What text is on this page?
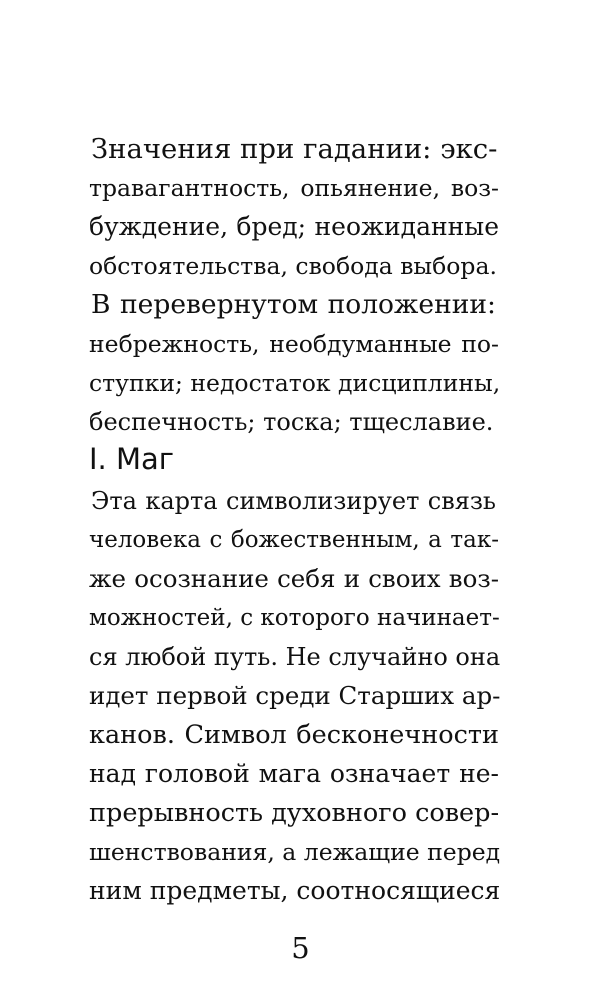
Значения при гадании: экс-
травагантность, опьянение, воз-
буждение, бред; неожиданные
обстоятельства, свобода выбора.
В перевернутом положении:
небрежность, необдуманные по-
ступки; недостаток дисциплины,
беспечность; тоска; тщеславие.
I. Маг
Эта карта символизирует связь
человека с божественным, а так-
же осознание себя и своих воз-
можностей, с которого начинает-
ся любой путь. Не случайно она
идет первой среди Старших ар-
канов. Символ бесконечности
над головой мага означает не-
прерывность духовного совер-
шенствования, а лежащие перед
ним предметы, соотносящиеся
5
